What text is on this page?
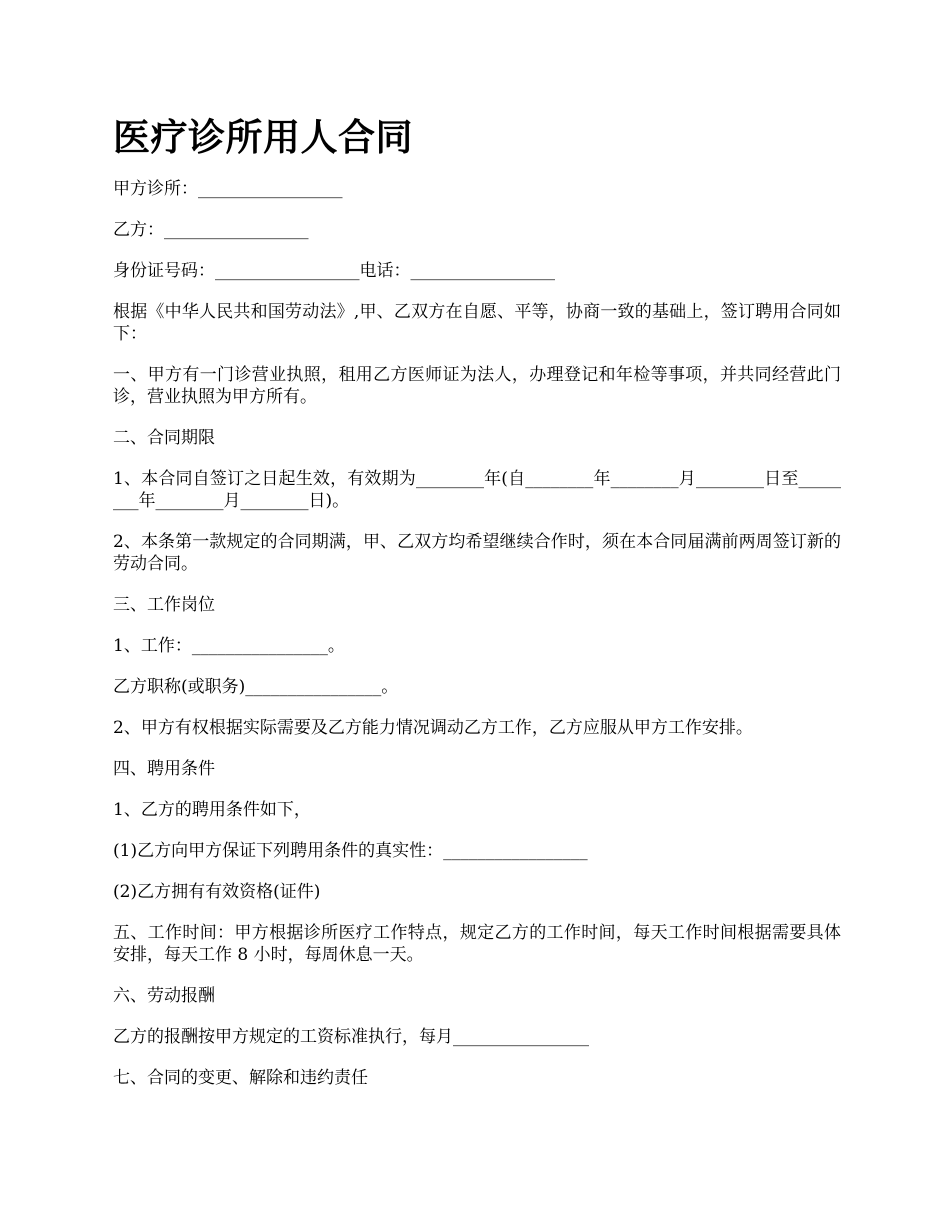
医疗诊所用人合同

甲方诊所：_________________

乙方：_________________

身份证号码：_________________电话：_________________

根据《中华人民共和国劳动法》,甲、乙双方在自愿、平等，协商一致的基础上，签订聘用合同如下：

一、甲方有一门诊营业执照，租用乙方医师证为法人，办理登记和年检等事项，并共同经营此门诊，营业执照为甲方所有。

二、合同期限

1、本合同自签订之日起生效，有效期为________年(自________年________月________日至________年________月________日)。

2、本条第一款规定的合同期满，甲、乙双方均希望继续合作时，须在本合同届满前两周签订新的劳动合同。

三、工作岗位

1、工作：________________。

乙方职称(或职务)________________。

2、甲方有权根据实际需要及乙方能力情况调动乙方工作，乙方应服从甲方工作安排。

四、聘用条件

1、乙方的聘用条件如下，

(1)乙方向甲方保证下列聘用条件的真实性：_________________

(2)乙方拥有有效资格(证件)

五、工作时间：甲方根据诊所医疗工作特点，规定乙方的工作时间，每天工作时间根据需要具体安排，每天工作 8 小时，每周休息一天。

六、劳动报酬

乙方的报酬按甲方规定的工资标准执行，每月________________

七、合同的变更、解除和违约责任
